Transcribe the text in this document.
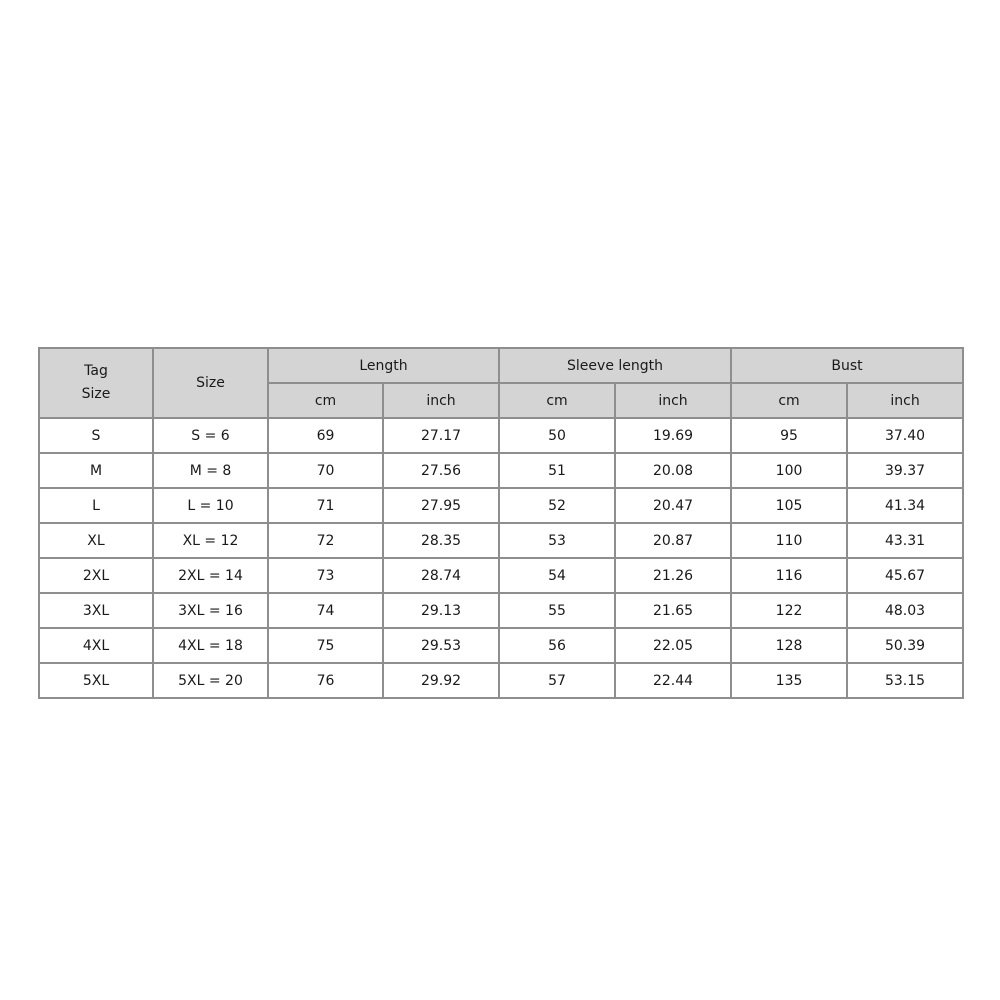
Tag
Size	Size	Length		Sleeve length		Bust	
		cm	inch	cm	inch	cm	inch
S	S = 6	69	27.17	50	19.69	95	37.40
M	M = 8	70	27.56	51	20.08	100	39.37
L	L = 10	71	27.95	52	20.47	105	41.34
XL	XL = 12	72	28.35	53	20.87	110	43.31
2XL	2XL = 14	73	28.74	54	21.26	116	45.67
3XL	3XL = 16	74	29.13	55	21.65	122	48.03
4XL	4XL = 18	75	29.53	56	22.05	128	50.39
5XL	5XL = 20	76	29.92	57	22.44	135	53.15
